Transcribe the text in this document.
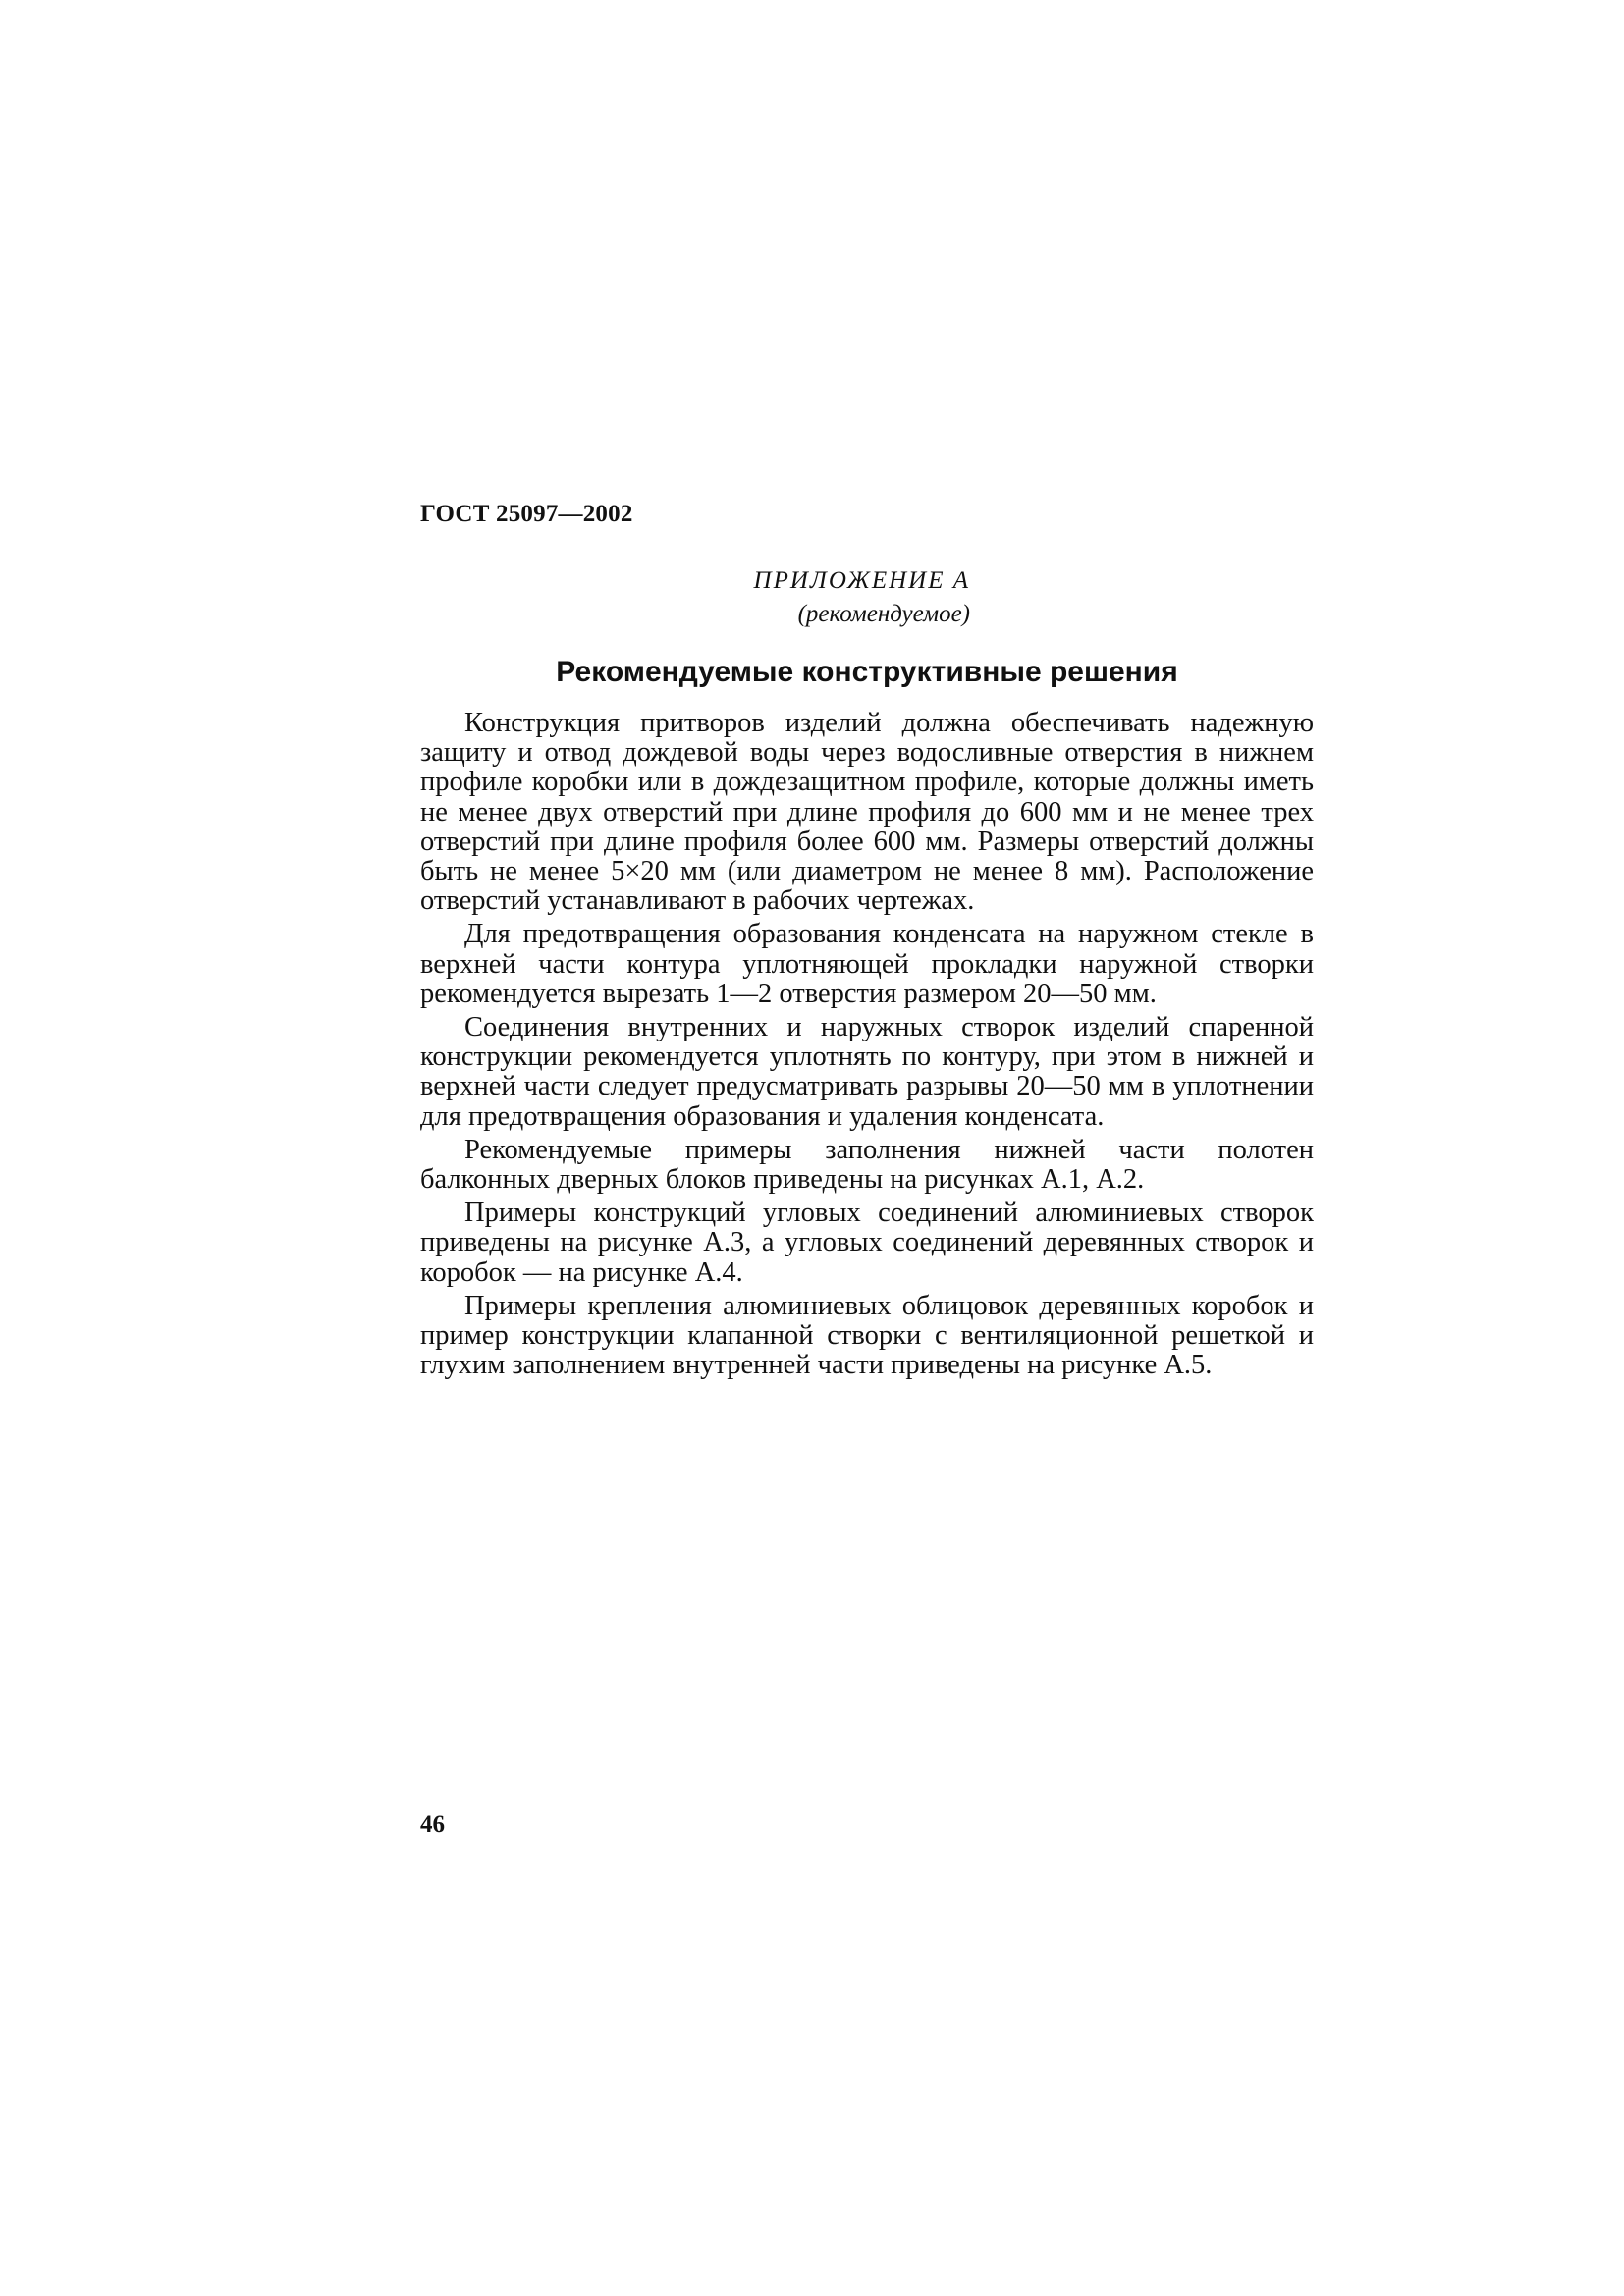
ГОСТ 25097—2002

ПРИЛОЖЕНИЕ А

(рекомендуемое)

Рекомендуемые конструктивные решения

Конструкция притворов изделий должна обеспечивать надежную защиту и отвод дождевой воды через водосливные отверстия в нижнем профиле коробки или в дождезащитном профиле, которые должны иметь не менее двух отверстий при длине профиля до 600 мм и не менее трех отверстий при длине профиля более 600 мм. Размеры отверстий должны быть не менее 5×20 мм (или диаметром не менее 8 мм). Расположение отверстий устанавливают в рабочих чертежах.

Для предотвращения образования конденсата на наружном стекле в верхней части контура уплотняющей прокладки наружной створки рекомендуется вырезать 1—2 отверстия размером 20—50 мм.

Соединения внутренних и наружных створок изделий спаренной конструкции рекомендуется уплотнять по контуру, при этом в нижней и верхней части следует предусматривать разрывы 20—50 мм в уплотнении для предотвращения образования и удаления конденсата.

Рекомендуемые примеры заполнения нижней части полотен балконных дверных блоков приведены на рисунках А.1, А.2.

Примеры конструкций угловых соединений алюминиевых створок приведены на рисунке А.3, а угловых соединений деревянных створок и коробок — на рисунке А.4.

Примеры крепления алюминиевых облицовок деревянных коробок и пример конструкции клапанной створки с вентиляционной решеткой и глухим заполнением внутренней части приведены на рисунке А.5.

46
